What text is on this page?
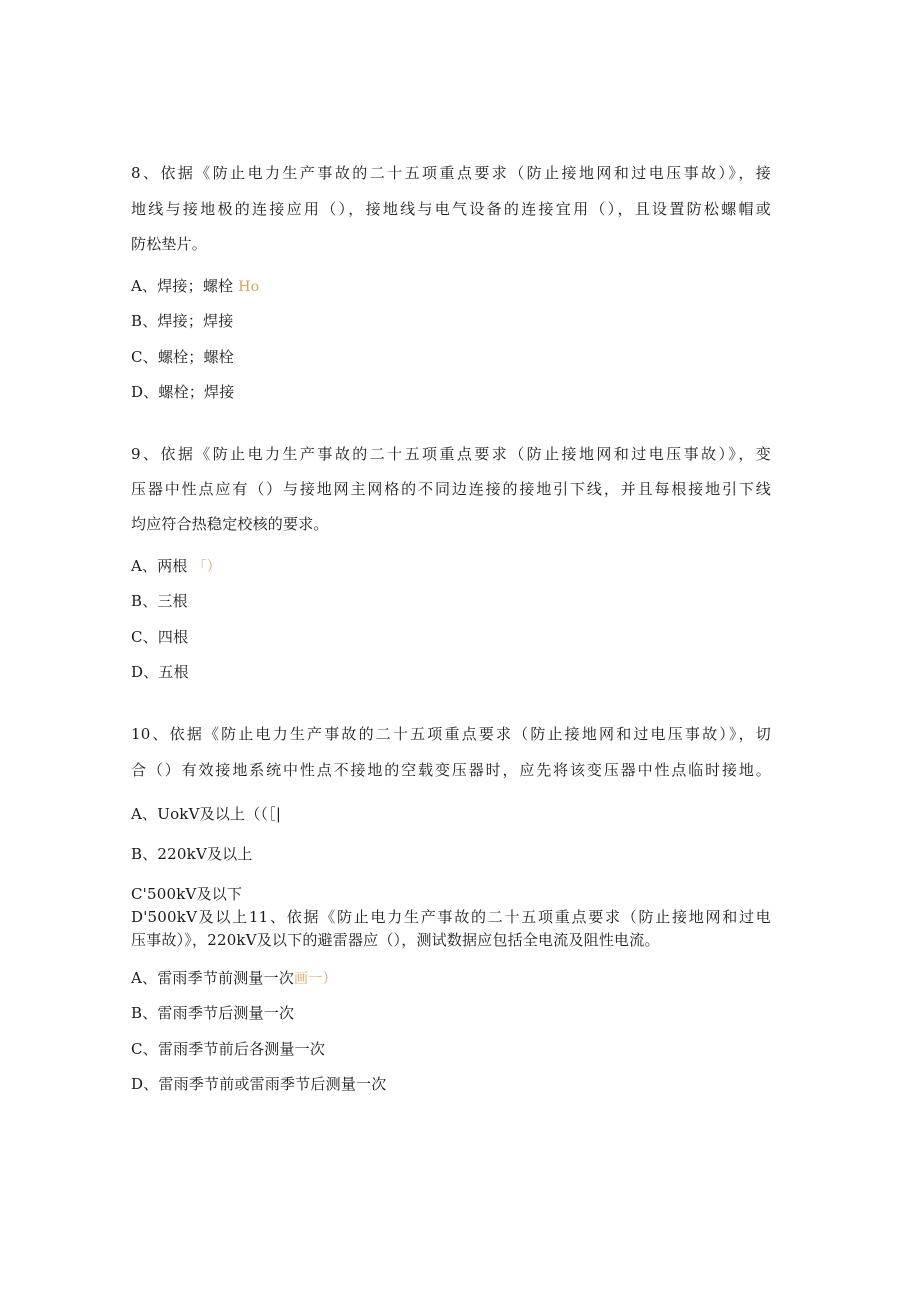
8、依据《防止电力生产事故的二十五项重点要求（防止接地网和过电压事故）》，接
地线与接地极的连接应用（），接地线与电气设备的连接宜用（），且设置防松螺帽或
防松垫片。
A、焊接；螺栓 Ho
B、焊接；焊接
C、螺栓；螺栓
D、螺栓；焊接
9、依据《防止电力生产事故的二十五项重点要求（防止接地网和过电压事故）》，变
压器中性点应有（）与接地网主网格的不同边连接的接地引下线，并且每根接地引下线
均应符合热稳定校核的要求。
A、两根 「）
B、三根
C、四根
D、五根
10、依据《防止电力生产事故的二十五项重点要求（防止接地网和过电压事故）》，切
合（）有效接地系统中性点不接地的空载变压器时，应先将该变压器中性点临时接地。
A、UokV及以上（（［|
B、220kV及以上
C'500kV及以下
D'500kV及以上11、依据《防止电力生产事故的二十五项重点要求（防止接地网和过电
压事故）》，220kV及以下的避雷器应（），测试数据应包括全电流及阻性电流。
A、雷雨季节前测量一次画一）
B、雷雨季节后测量一次
C、雷雨季节前后各测量一次
D、雷雨季节前或雷雨季节后测量一次
